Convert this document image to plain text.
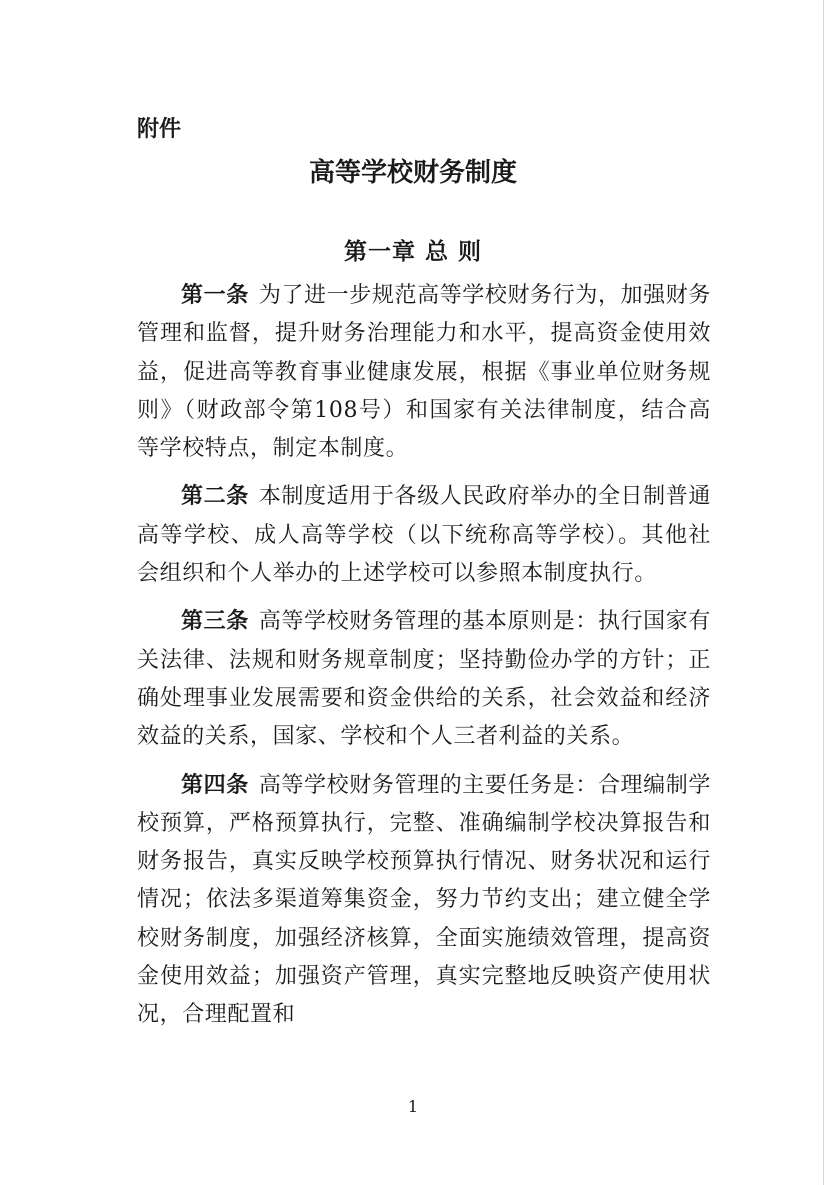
附件
高等学校财务制度
第一章 总 则

第一条 为了进一步规范高等学校财务行为，加强财务管理和监督，提升财务治理能力和水平，提高资金使用效益，促进高等教育事业健康发展，根据《事业单位财务规则》（财政部令第108号）和国家有关法律制度，结合高等学校特点，制定本制度。

第二条 本制度适用于各级人民政府举办的全日制普通高等学校、成人高等学校（以下统称高等学校）。其他社会组织和个人举办的上述学校可以参照本制度执行。

第三条 高等学校财务管理的基本原则是：执行国家有关法律、法规和财务规章制度；坚持勤俭办学的方针；正确处理事业发展需要和资金供给的关系，社会效益和经济效益的关系，国家、学校和个人三者利益的关系。

第四条 高等学校财务管理的主要任务是：合理编制学校预算，严格预算执行，完整、准确编制学校决算报告和财务报告，真实反映学校预算执行情况、财务状况和运行情况；依法多渠道筹集资金，努力节约支出；建立健全学校财务制度，加强经济核算，全面实施绩效管理，提高资金使用效益；加强资产管理，真实完整地反映资产使用状况，合理配置和

1
